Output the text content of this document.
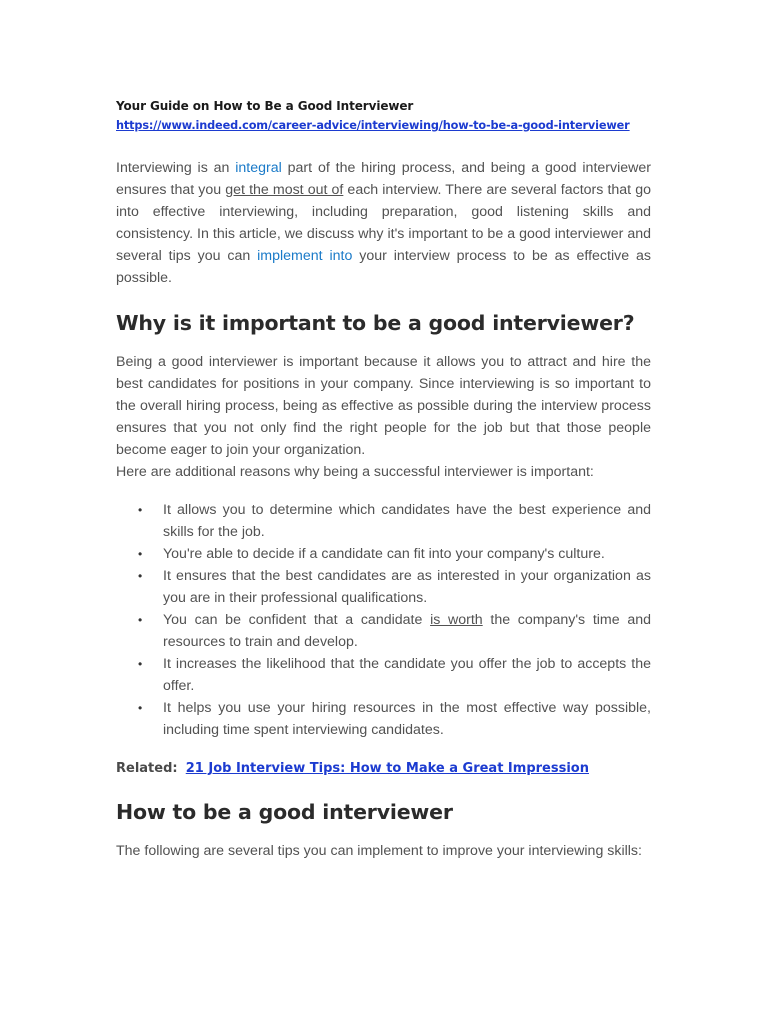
Your Guide on How to Be a Good Interviewer
https://www.indeed.com/career-advice/interviewing/how-to-be-a-good-interviewer

Interviewing is an integral part of the hiring process, and being a good interviewer ensures that you get the most out of each interview. There are several factors that go into effective interviewing, including preparation, good listening skills and consistency. In this article, we discuss why it's important to be a good interviewer and several tips you can implement into your interview process to be as effective as possible.

Why is it important to be a good interviewer?

Being a good interviewer is important because it allows you to attract and hire the best candidates for positions in your company. Since interviewing is so important to the overall hiring process, being as effective as possible during the interview process ensures that you not only find the right people for the job but that those people become eager to join your organization.

Here are additional reasons why being a successful interviewer is important:

• It allows you to determine which candidates have the best experience and skills for the job.
• You're able to decide if a candidate can fit into your company's culture.
• It ensures that the best candidates are as interested in your organization as you are in their professional qualifications.
• You can be confident that a candidate is worth the company's time and resources to train and develop.
• It increases the likelihood that the candidate you offer the job to accepts the offer.
• It helps you use your hiring resources in the most effective way possible, including time spent interviewing candidates.
Related: 21 Job Interview Tips: How to Make a Great Impression
How to be a good interviewer

The following are several tips you can implement to improve your interviewing skills:
